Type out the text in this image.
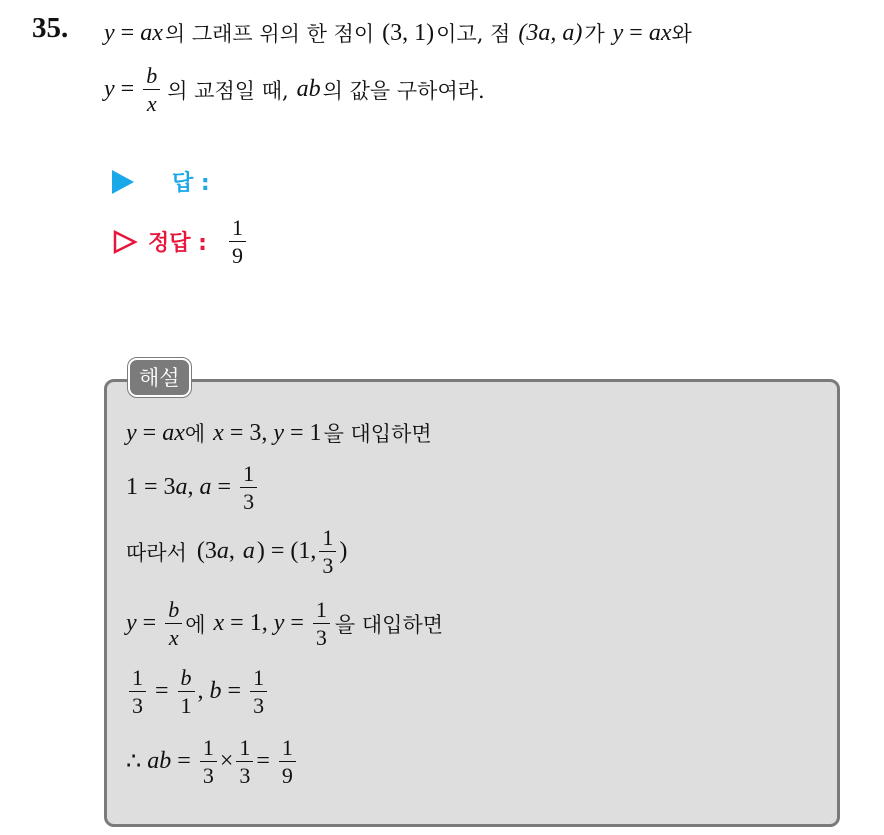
35. y = ax 의 그래프 위의 한 점이 (3, 1) 이고, 점 (3a, a) 가 y = ax 와
$y = \frac{b}{x}$ 의 교점일 때, ab 의 값을 구하여라.
답 :
정답 : $\frac{1}{9}$
해설
y = ax 에 x = 3, y = 1 을 대입하면
1 = 3 a , $a = \frac{1}{3}$
따라서 (3 a , a ) = (1, $\frac{1}{3}$ )
$y = \frac{b}{x}$ 에 x = 1, $y = \frac{1}{3}$ 을 대입하면
$\frac{1}{3} = \frac{b}{1}$ , $b = \frac{1}{3}$
∴ ab = $\frac{1}{3} \times \frac{1}{3} = \frac{1}{9}$
